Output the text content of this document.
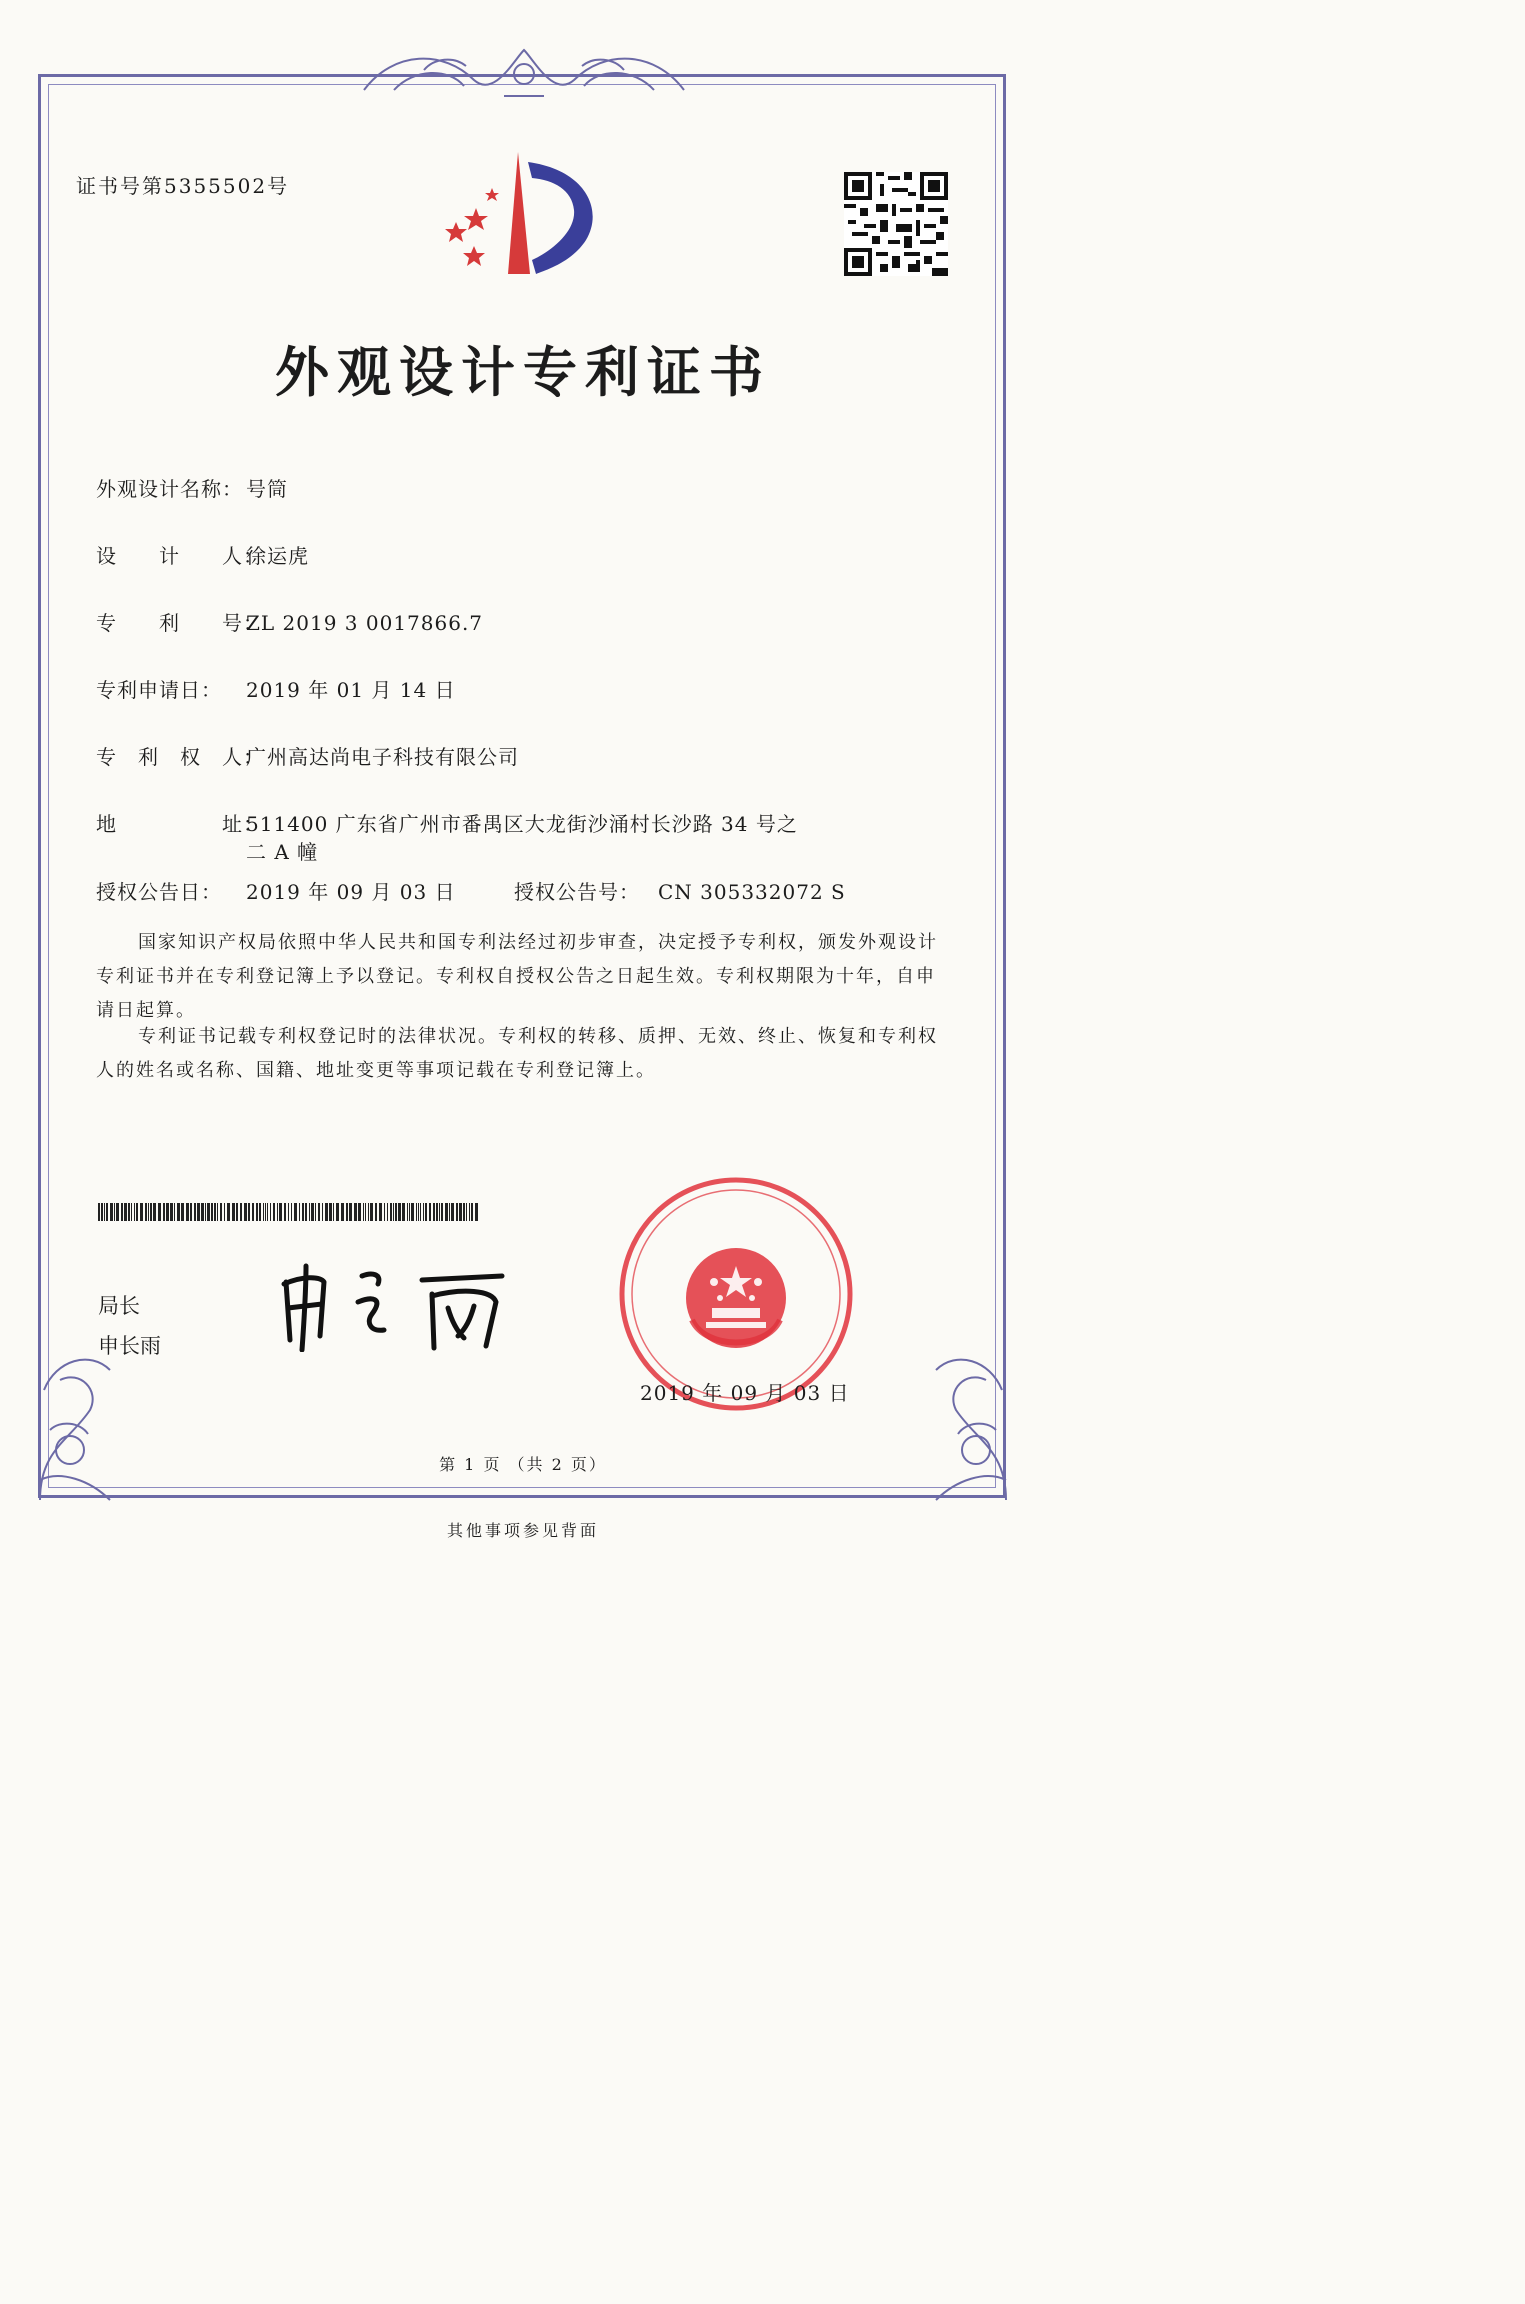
证书号第5355502号
外观设计专利证书
外观设计名称： 号筒
设　　计　　人：徐运虎
专　　利　　号：ZL 2019 3 0017866.7
专利申请日： 2019 年 01 月 14 日
专　利　权　人：广州高达尚电子科技有限公司
地　　　　　址：511400 广东省广州市番禺区大龙街沙涌村长沙路 34 号之
二 A 幢
授权公告日： 2019 年 09 月 03 日	授权公告号： CN 305332072 S

国家知识产权局依照中华人民共和国专利法经过初步审查，决定授予专利权，颁发外观设计专利证书并在专利登记簿上予以登记。专利权自授权公告之日起生效。专利权期限为十年，自申请日起算。

专利证书记载专利权登记时的法律状况。专利权的转移、质押、无效、终止、恢复和专利权人的姓名或名称、国籍、地址变更等事项记载在专利登记簿上。

局长
申长雨
2019 年 09 月 03 日
第 1 页 （共 2 页）
其他事项参见背面
